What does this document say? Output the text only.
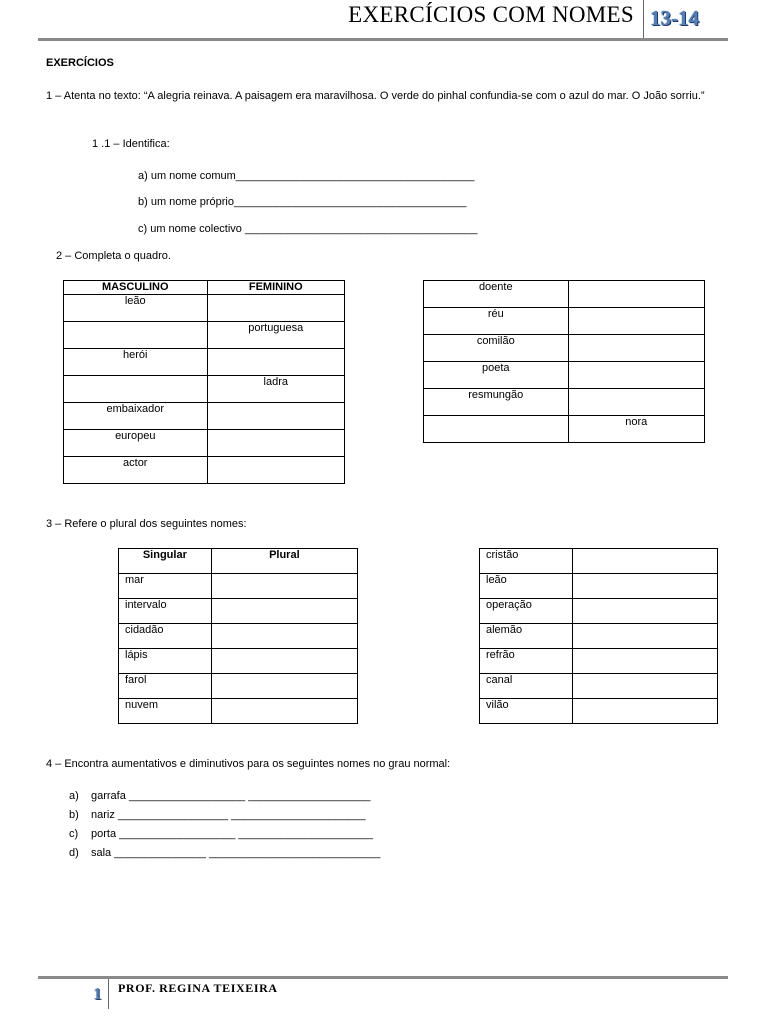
EXERCÍCIOS COM NOMES 13-14
EXERCÍCIOS
1 – Atenta no texto: “A alegria reinava. A paisagem era maravilhosa. O verde do pinhal confundia-se com o azul do mar. O João sorriu.”
1 .1 – Identifica:
a) um nome comum_______________________________________
b) um nome próprio______________________________________
c) um nome colectivo ______________________________________
2 – Completa o quadro.
MASCULINO	FEMININO
leão	
	portuguesa
herói	
	ladra
embaixador	
europeu	
actor	
doente	
réu	
comilão	
poeta	
resmungão	
	nora
3 – Refere o plural dos seguintes nomes:
Singular	Plural
mar	
intervalo	
cidadão	
lápis	
farol	
nuvem	
cristão	
leão	
operação	
alemão	
refrão	
canal	
vilão	
4 – Encontra aumentativos e diminutivos para os seguintes nomes no grau normal:
a) garrafa ___________________ ____________________
b) nariz __________________ ______________________
c) porta ___________________ ______________________
d) sala _______________ ____________________________
1 PROF. REGINA TEIXEIRA
